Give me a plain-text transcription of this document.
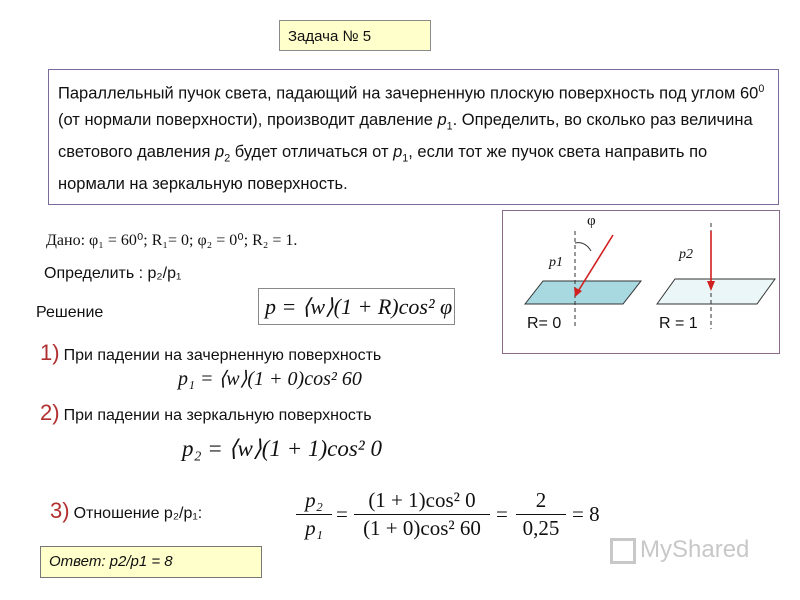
Задача № 5
Параллельный пучок света, падающий на зачерненную плоскую поверхность под углом $60^0$ (от нормали поверхности), производит давление $p_1$. Определить, во сколько раз величина светового давления $p_2$ будет отличаться от $p_1$, если тот же пучок света направить по нормали на зеркальную поверхность.
Дано: φ₁ = 60⁰; R₁= 0; φ₂ = 0⁰; R₂ = 1.
Определить : p₂/p₁
Решение	p = ⟨w⟩(1 + R)cos² φ
1) При падении на зачерненную поверхность
p₁ = ⟨w⟩(1 + 0)cos² 60
2) При падении на зеркальную поверхность
p₂ = ⟨w⟩(1 + 1)cos² 0
3) Отношение p₂/p₁:
p₂
p₁
=
(1 + 1)cos² 0
(1 + 0)cos² 60
=
2
0,25
= 8
Ответ: p2/p1 = 8
φ
p1
p2
R= 0	R = 1
MyShared
